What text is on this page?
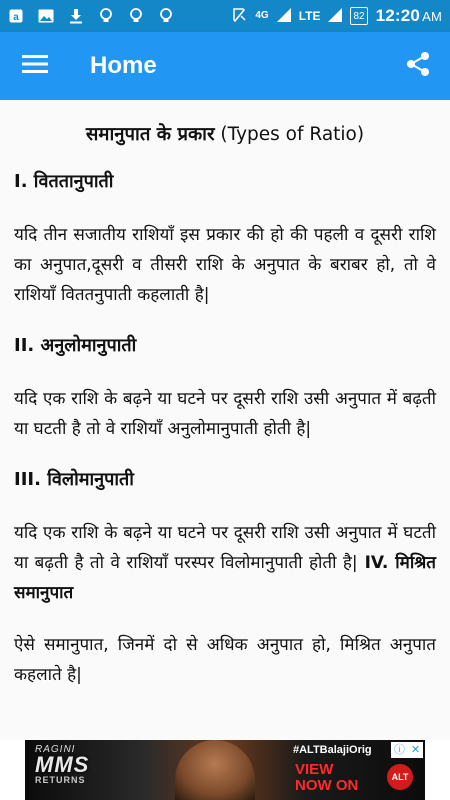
a	4G	LTE	82 12:20 AM
Home
समानुपात के प्रकार (Types of Ratio)
I. विततानुपाती

यदि तीन सजातीय राशियाँ इस प्रकार की हो की पहली व दूसरी राशि का अनुपात,दूसरी व तीसरी राशि के अनुपात के बराबर हो, तो वे राशियाँ विततनुपाती कहलाती है|

II. अनुलोमानुपाती

यदि एक राशि के बढ़ने या घटने पर दूसरी राशि उसी अनुपात में बढ़ती या घटती है तो वे राशियाँ अनुलोमानुपाती होती है|

III. विलोमानुपाती

यदि एक राशि के बढ़ने या घटने पर दूसरी राशि उसी अनुपात में घटती या बढ़ती है तो वे राशियाँ परस्पर विलोमानुपाती होती है| IV. मिश्रित समानुपात

ऐसे समानुपात, जिनमें दो से अधिक अनुपात हो, मिश्रित अनुपात कहलाते है|

RAGINI
MMS
RETURNS
#ALTBalajiOrig
VIEW
NOW ON	ALT
ⓘ ✕
